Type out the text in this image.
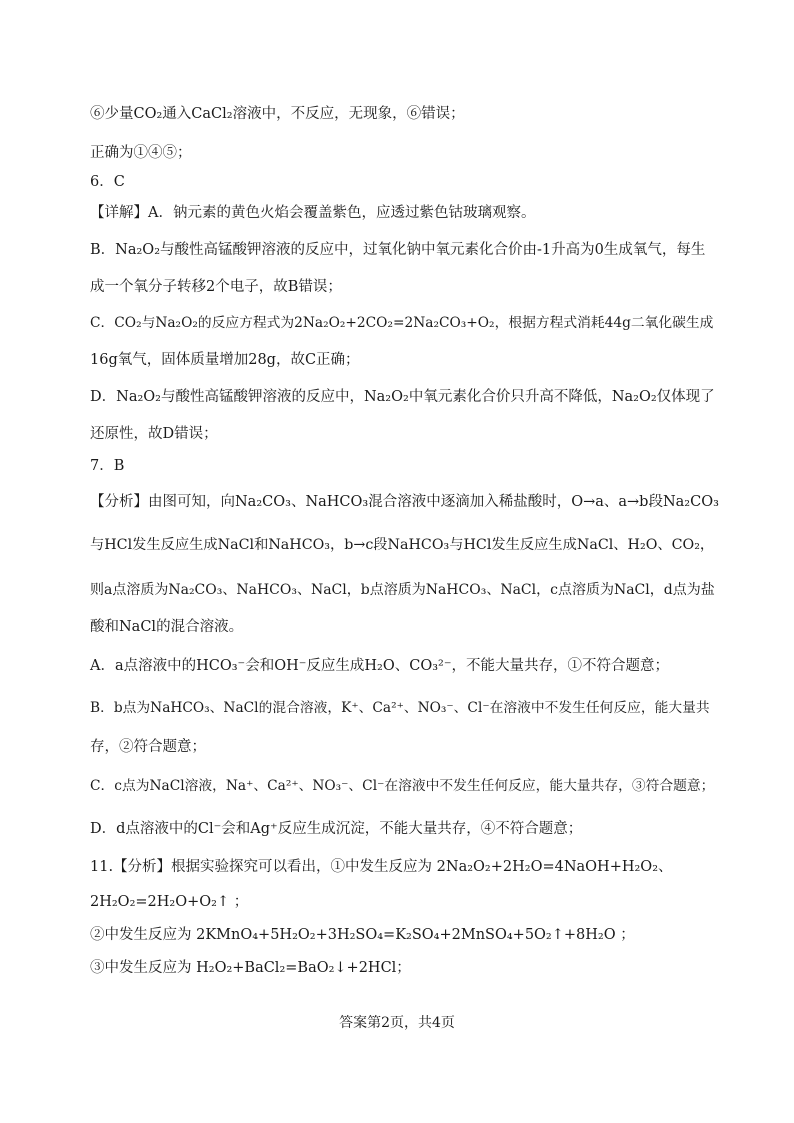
⑥少量CO₂通入CaCl₂溶液中，不反应，无现象，⑥错误；
正确为①④⑤；
6．C
【详解】A．钠元素的黄色火焰会覆盖紫色，应透过紫色钴玻璃观察。
B．Na₂O₂与酸性高锰酸钾溶液的反应中，过氧化钠中氧元素化合价由-1升高为0生成氧气，每生
成一个氧分子转移2个电子，故B错误；
C．CO₂与Na₂O₂的反应方程式为2Na₂O₂+2CO₂=2Na₂CO₃+O₂，根据方程式消耗44g二氧化碳生成
16g氧气，固体质量增加28g，故C正确；
D．Na₂O₂与酸性高锰酸钾溶液的反应中，Na₂O₂中氧元素化合价只升高不降低，Na₂O₂仅体现了
还原性，故D错误；
7．B
【分析】由图可知，向Na₂CO₃、NaHCO₃混合溶液中逐滴加入稀盐酸时，O→a、a→b段Na₂CO₃
与HCl发生反应生成NaCl和NaHCO₃，b→c段NaHCO₃与HCl发生反应生成NaCl、H₂O、CO₂，
则a点溶质为Na₂CO₃、NaHCO₃、NaCl，b点溶质为NaHCO₃、NaCl，c点溶质为NaCl，d点为盐
酸和NaCl的混合溶液。
A．a点溶液中的HCO₃⁻会和OH⁻反应生成H₂O、CO₃²⁻，不能大量共存，①不符合题意；
B．b点为NaHCO₃、NaCl的混合溶液，K⁺、Ca²⁺、NO₃⁻、Cl⁻在溶液中不发生任何反应，能大量共
存，②符合题意；
C．c点为NaCl溶液，Na⁺、Ca²⁺、NO₃⁻、Cl⁻在溶液中不发生任何反应，能大量共存，③符合题意；
D．d点溶液中的Cl⁻会和Ag⁺反应生成沉淀，不能大量共存，④不符合题意；
11.【分析】根据实验探究可以看出，①中发生反应为 2Na₂O₂+2H₂O=4NaOH+H₂O₂、
2H₂O₂=2H₂O+O₂↑ ；
②中发生反应为 2KMnO₄+5H₂O₂+3H₂SO₄=K₂SO₄+2MnSO₄+5O₂↑+8H₂O ；
③中发生反应为 H₂O₂+BaCl₂=BaO₂↓+2HCl；
答案第2页，共4页
